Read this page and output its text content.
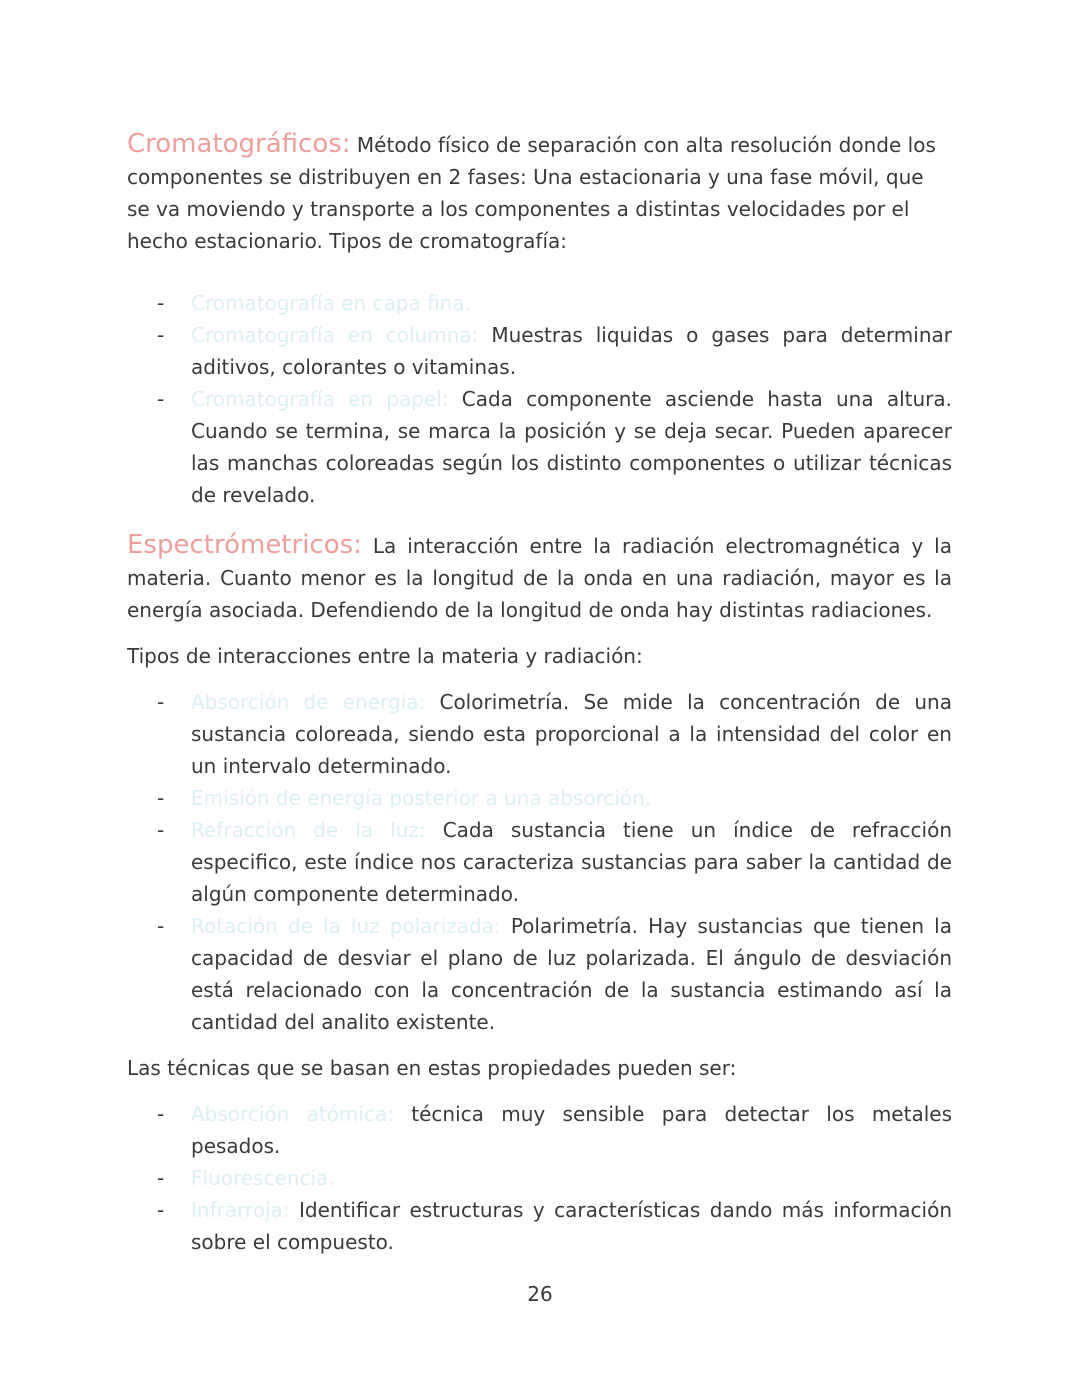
Cromatográficos: Método físico de separación con alta resolución donde los componentes se distribuyen en 2 fases: Una estacionaria y una fase móvil, que se va moviendo y transporte a los componentes a distintas velocidades por el hecho estacionario. Tipos de cromatografía:

- Cromatografía en capa fina.
- Cromatografía en columna: Muestras liquidas o gases para determinar aditivos, colorantes o vitaminas.
- Cromatografía en papel: Cada componente asciende hasta una altura. Cuando se termina, se marca la posición y se deja secar. Pueden aparecer las manchas coloreadas según los distinto componentes o utilizar técnicas de revelado.

Espectrómetricos: La interacción entre la radiación electromagnética y la materia. Cuanto menor es la longitud de la onda en una radiación, mayor es la energía asociada. Defendiendo de la longitud de onda hay distintas radiaciones.

Tipos de interacciones entre la materia y radiación:

- Absorción de energía: Colorimetría. Se mide la concentración de una sustancia coloreada, siendo esta proporcional a la intensidad del color en un intervalo determinado.
- Emisión de energía posterior a una absorción.
- Refracción de la luz: Cada sustancia tiene un índice de refracción especifico, este índice nos caracteriza sustancias para saber la cantidad de algún componente determinado.
- Rotación de la luz polarizada: Polarimetría. Hay sustancias que tienen la capacidad de desviar el plano de luz polarizada. El ángulo de desviación está relacionado con la concentración de la sustancia estimando así la cantidad del analito existente.

Las técnicas que se basan en estas propiedades pueden ser:

- Absorción atómica: técnica muy sensible para detectar los metales pesados.
- Fluorescencia.
- Infrarroja: Identificar estructuras y características dando más información sobre el compuesto.
26
